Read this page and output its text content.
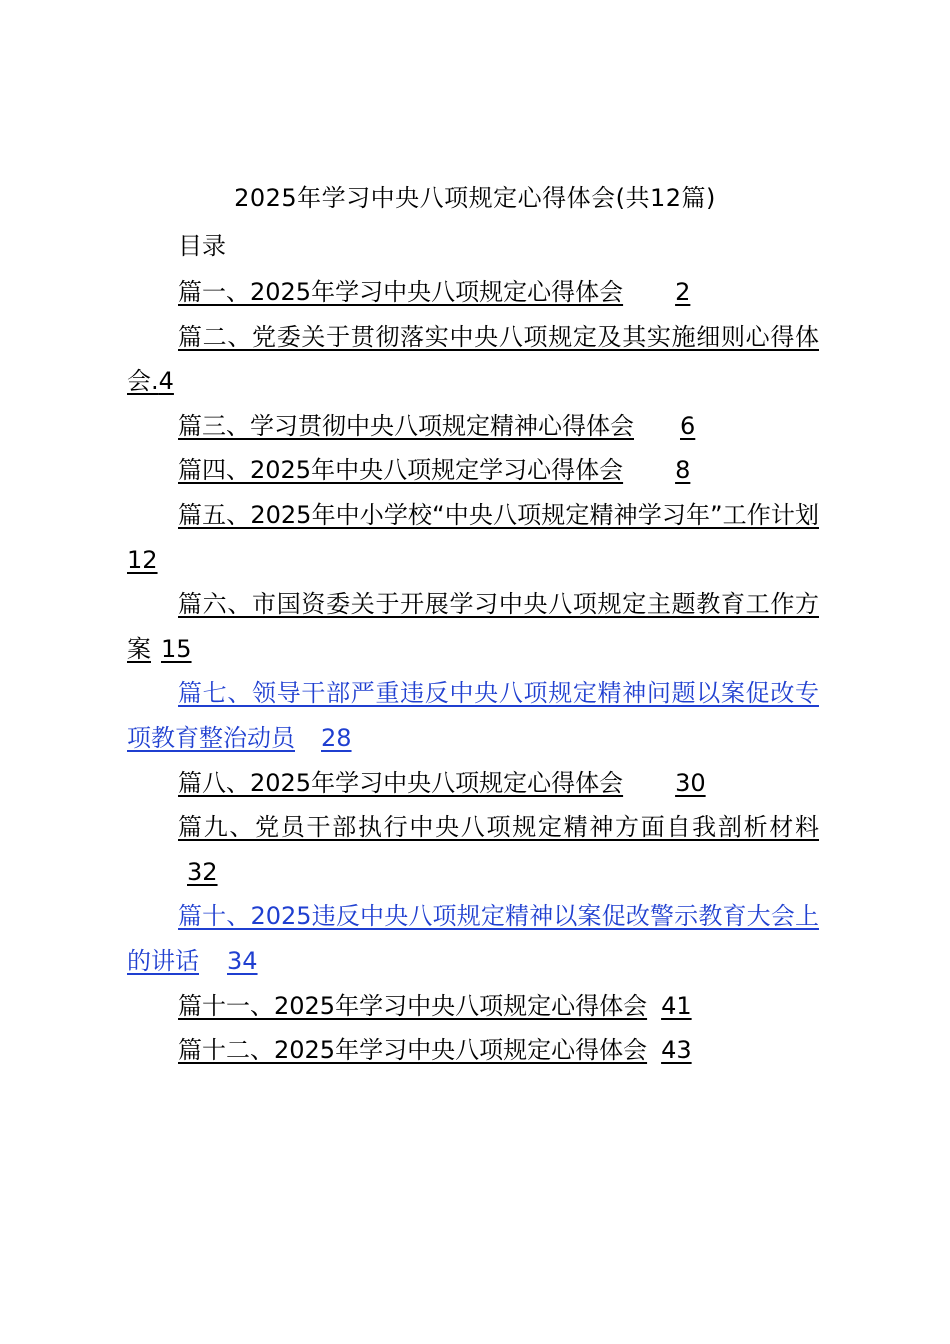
2025年学习中央八项规定心得体会(共12篇)
目录
篇一、2025年学习中央八项规定心得体会 2
篇二、党委关于贯彻落实中央八项规定及其实施细则心得体会.4
篇三、学习贯彻中央八项规定精神心得体会 6
篇四、2025年中央八项规定学习心得体会 8
篇五、2025年中小学校“中央八项规定精神学习年”工作计划12
篇六、市国资委关于开展学习中央八项规定主题教育工作方案 15
篇七、领导干部严重违反中央八项规定精神问题以案促改专项教育整治动员 28
篇八、2025年学习中央八项规定心得体会 30
篇九、党员干部执行中央八项规定精神方面自我剖析材料32
篇十、2025违反中央八项规定精神以案促改警示教育大会上的讲话 34
篇十一、2025年学习中央八项规定心得体会 41
篇十二、2025年学习中央八项规定心得体会 43
